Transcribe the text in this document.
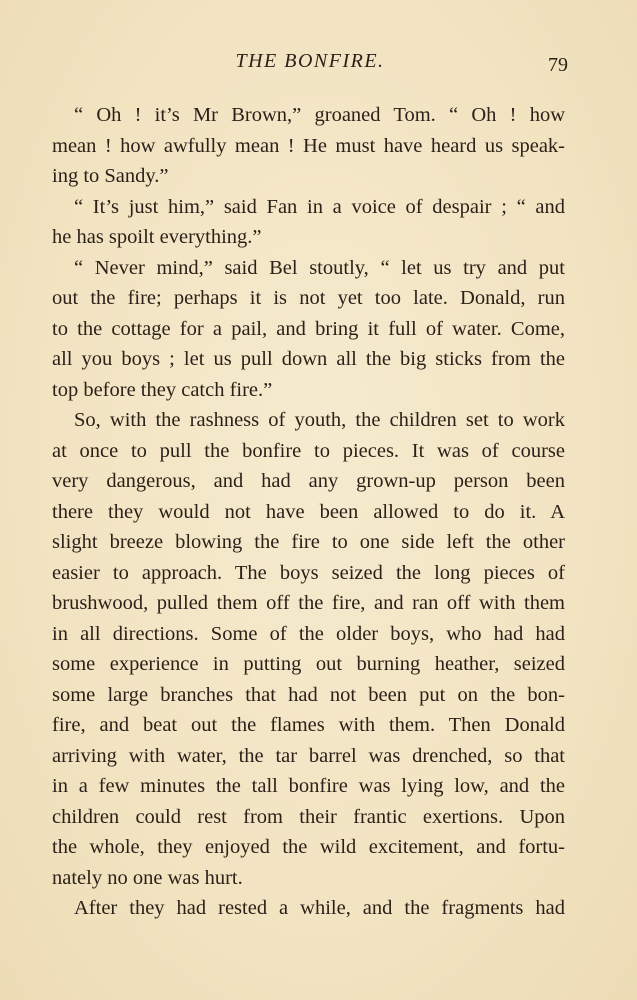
THE BONFIRE.	79
“ Oh ! it’s Mr Brown,” groaned Tom. “ Oh ! how
mean ! how awfully mean ! He must have heard us speak-
ing to Sandy.”
“ It’s just him,” said Fan in a voice of despair ; “ and
he has spoilt everything.”
“ Never mind,” said Bel stoutly, “ let us try and put
out the fire; perhaps it is not yet too late. Donald, run
to the cottage for a pail, and bring it full of water. Come,
all you boys ; let us pull down all the big sticks from the
top before they catch fire.”
So, with the rashness of youth, the children set to work
at once to pull the bonfire to pieces. It was of course
very dangerous, and had any grown-up person been
there they would not have been allowed to do it. A
slight breeze blowing the fire to one side left the other
easier to approach. The boys seized the long pieces of
brushwood, pulled them off the fire, and ran off with them
in all directions. Some of the older boys, who had had
some experience in putting out burning heather, seized
some large branches that had not been put on the bon-
fire, and beat out the flames with them. Then Donald
arriving with water, the tar barrel was drenched, so that
in a few minutes the tall bonfire was lying low, and the
children could rest from their frantic exertions. Upon
the whole, they enjoyed the wild excitement, and fortu-
nately no one was hurt.
After they had rested a while, and the fragments had
